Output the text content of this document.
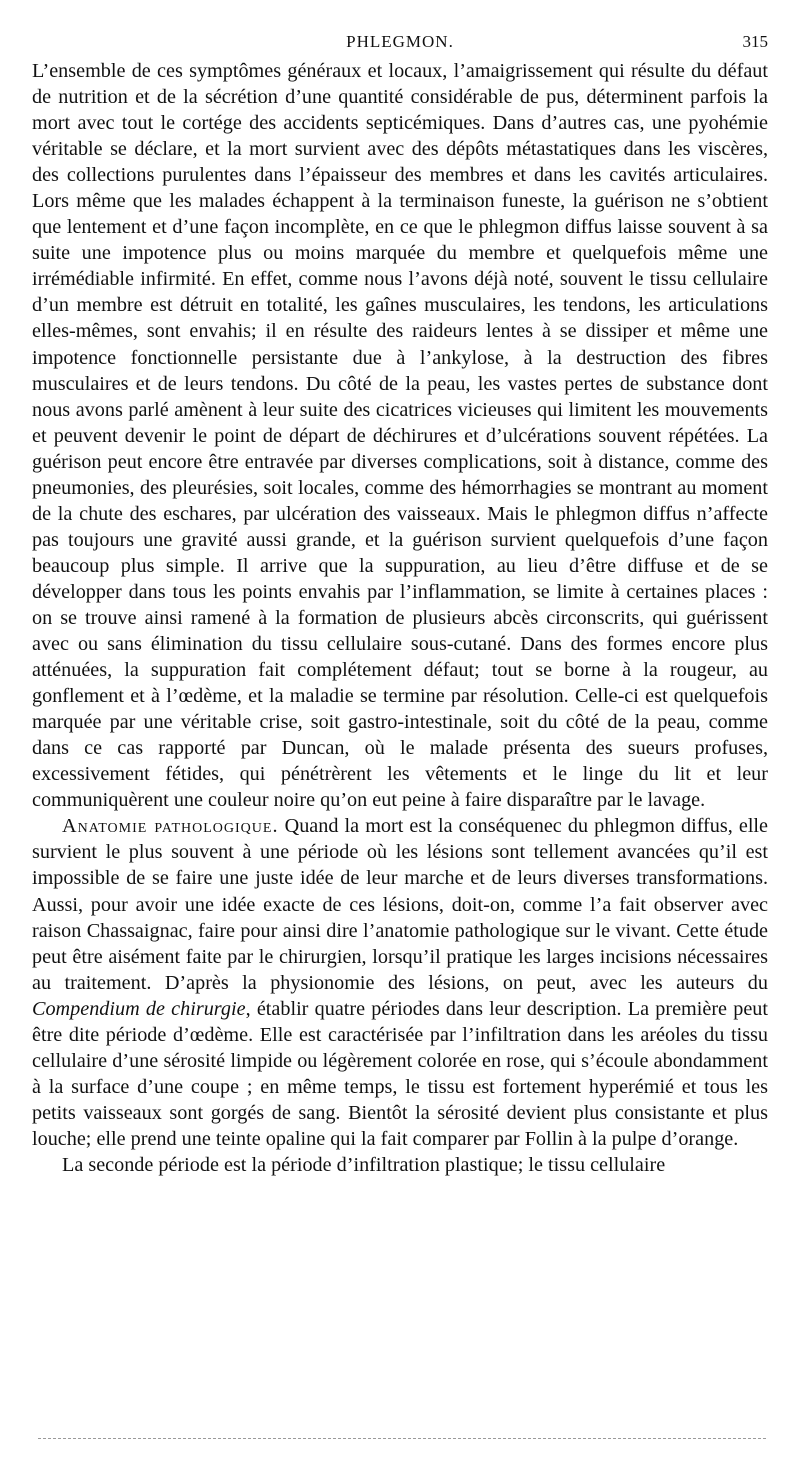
PHLEGMON.	315

L’ensemble de ces symptômes généraux et locaux, l’amaigrissement qui résulte du défaut de nutrition et de la sécrétion d’une quantité considérable de pus, déterminent parfois la mort avec tout le cortége des accidents septicémiques. Dans d’autres cas, une pyohémie véritable se déclare, et la mort survient avec des dépôts métastatiques dans les viscères, des collections purulentes dans l’épaisseur des membres et dans les cavités articulaires. Lors même que les malades échappent à la terminaison funeste, la guérison ne s’obtient que lentement et d’une façon incomplète, en ce que le phlegmon diffus laisse souvent à sa suite une impotence plus ou moins marquée du membre et quelquefois même une irrémédiable infirmité. En effet, comme nous l’avons déjà noté, souvent le tissu cellulaire d’un membre est détruit en totalité, les gaînes musculaires, les tendons, les articulations elles-mêmes, sont envahis; il en résulte des raideurs lentes à se dissiper et même une impotence fonctionnelle persistante due à l’ankylose, à la destruction des fibres musculaires et de leurs tendons. Du côté de la peau, les vastes pertes de substance dont nous avons parlé amènent à leur suite des cicatrices vicieuses qui limitent les mouvements et peuvent devenir le point de départ de déchirures et d’ulcérations souvent répétées. La guérison peut encore être entravée par diverses complications, soit à distance, comme des pneumonies, des pleurésies, soit locales, comme des hémorrhagies se montrant au moment de la chute des eschares, par ulcération des vaisseaux. Mais le phlegmon diffus n’affecte pas toujours une gravité aussi grande, et la guérison survient quelquefois d’une façon beaucoup plus simple. Il arrive que la suppuration, au lieu d’être diffuse et de se développer dans tous les points envahis par l’inflammation, se limite à certaines places : on se trouve ainsi ramené à la formation de plusieurs abcès circonscrits, qui guérissent avec ou sans élimination du tissu cellulaire sous-cutané. Dans des formes encore plus atténuées, la suppuration fait complétement défaut; tout se borne à la rougeur, au gonflement et à l’œdème, et la maladie se termine par résolution. Celle-ci est quelquefois marquée par une véritable crise, soit gastro-intestinale, soit du côté de la peau, comme dans ce cas rapporté par Duncan, où le malade présenta des sueurs profuses, excessivement fétides, qui pénétrèrent les vêtements et le linge du lit et leur communiquèrent une couleur noire qu’on eut peine à faire disparaître par le lavage.

Anatomie pathologique. Quand la mort est la conséquenec du phlegmon diffus, elle survient le plus souvent à une période où les lésions sont tellement avancées qu’il est impossible de se faire une juste idée de leur marche et de leurs diverses transformations. Aussi, pour avoir une idée exacte de ces lésions, doit-on, comme l’a fait observer avec raison Chassaignac, faire pour ainsi dire l’anatomie pathologique sur le vivant. Cette étude peut être aisément faite par le chirurgien, lorsqu’il pratique les larges incisions nécessaires au traitement. D’après la physionomie des lésions, on peut, avec les auteurs du Compendium de chirurgie, établir quatre périodes dans leur description. La première peut être dite période d’œdème. Elle est caractérisée par l’infiltration dans les aréoles du tissu cellulaire d’une sérosité limpide ou légèrement colorée en rose, qui s’écoule abondamment à la surface d’une coupe ; en même temps, le tissu est fortement hyperémié et tous les petits vaisseaux sont gorgés de sang. Bientôt la sérosité devient plus consistante et plus louche; elle prend une teinte opaline qui la fait comparer par Follin à la pulpe d’orange.

La seconde période est la période d’infiltration plastique; le tissu cellulaire
